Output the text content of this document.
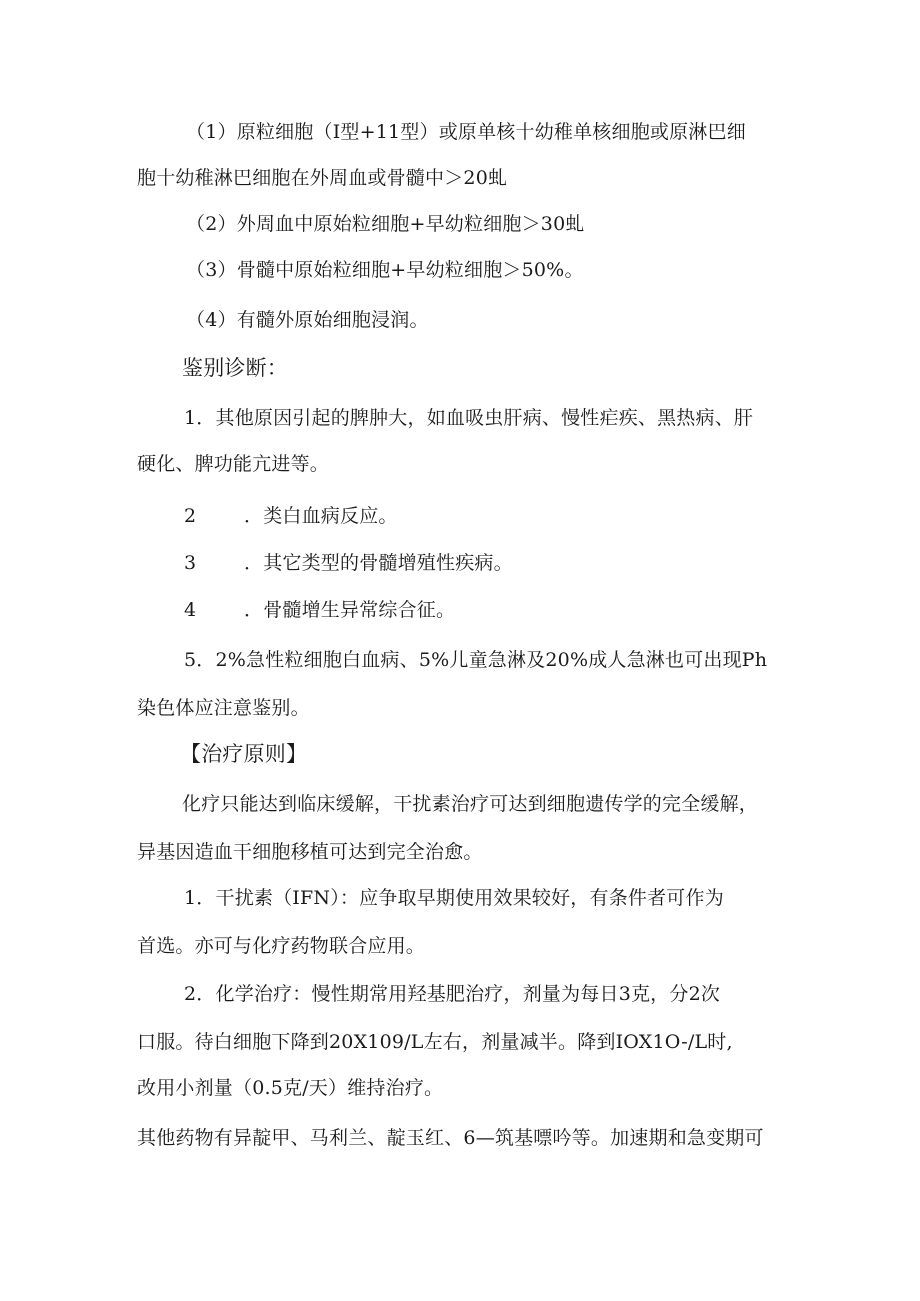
（1）原粒细胞（Ⅰ型+11型）或原单核十幼稚单核细胞或原淋巴细
胞十幼稚淋巴细胞在外周血或骨髓中＞20虬
（2）外周血中原始粒细胞+早幼粒细胞＞30虬
（3）骨髓中原始粒细胞+早幼粒细胞＞50%。
（4）有髓外原始细胞浸润。
鉴别诊断：
1．其他原因引起的脾肿大，如血吸虫肝病、慢性疟疾、黑热病、肝
硬化、脾功能亢进等。
2	．类白血病反应。
3	．其它类型的骨髓增殖性疾病。
4	．骨髓增生异常综合征。
5．2%急性粒细胞白血病、5%儿童急淋及20%成人急淋也可出现Ph
染色体应注意鉴别。
【治疗原则】
化疗只能达到临床缓解，干扰素治疗可达到细胞遗传学的完全缓解，
异基因造血干细胞移植可达到完全治愈。
1．干扰素（IFN）：应争取早期使用效果较好，有条件者可作为
首选。亦可与化疗药物联合应用。
2．化学治疗：慢性期常用羟基肥治疗，剂量为每日3克，分2次
口服。待白细胞下降到20X109/L左右，剂量减半。降到IOX1O-/L时,
改用小剂量（0.5克/天）维持治疗。
其他药物有异靛甲、马利兰、靛玉红、6—筑基嘌吟等。加速期和急变期可
